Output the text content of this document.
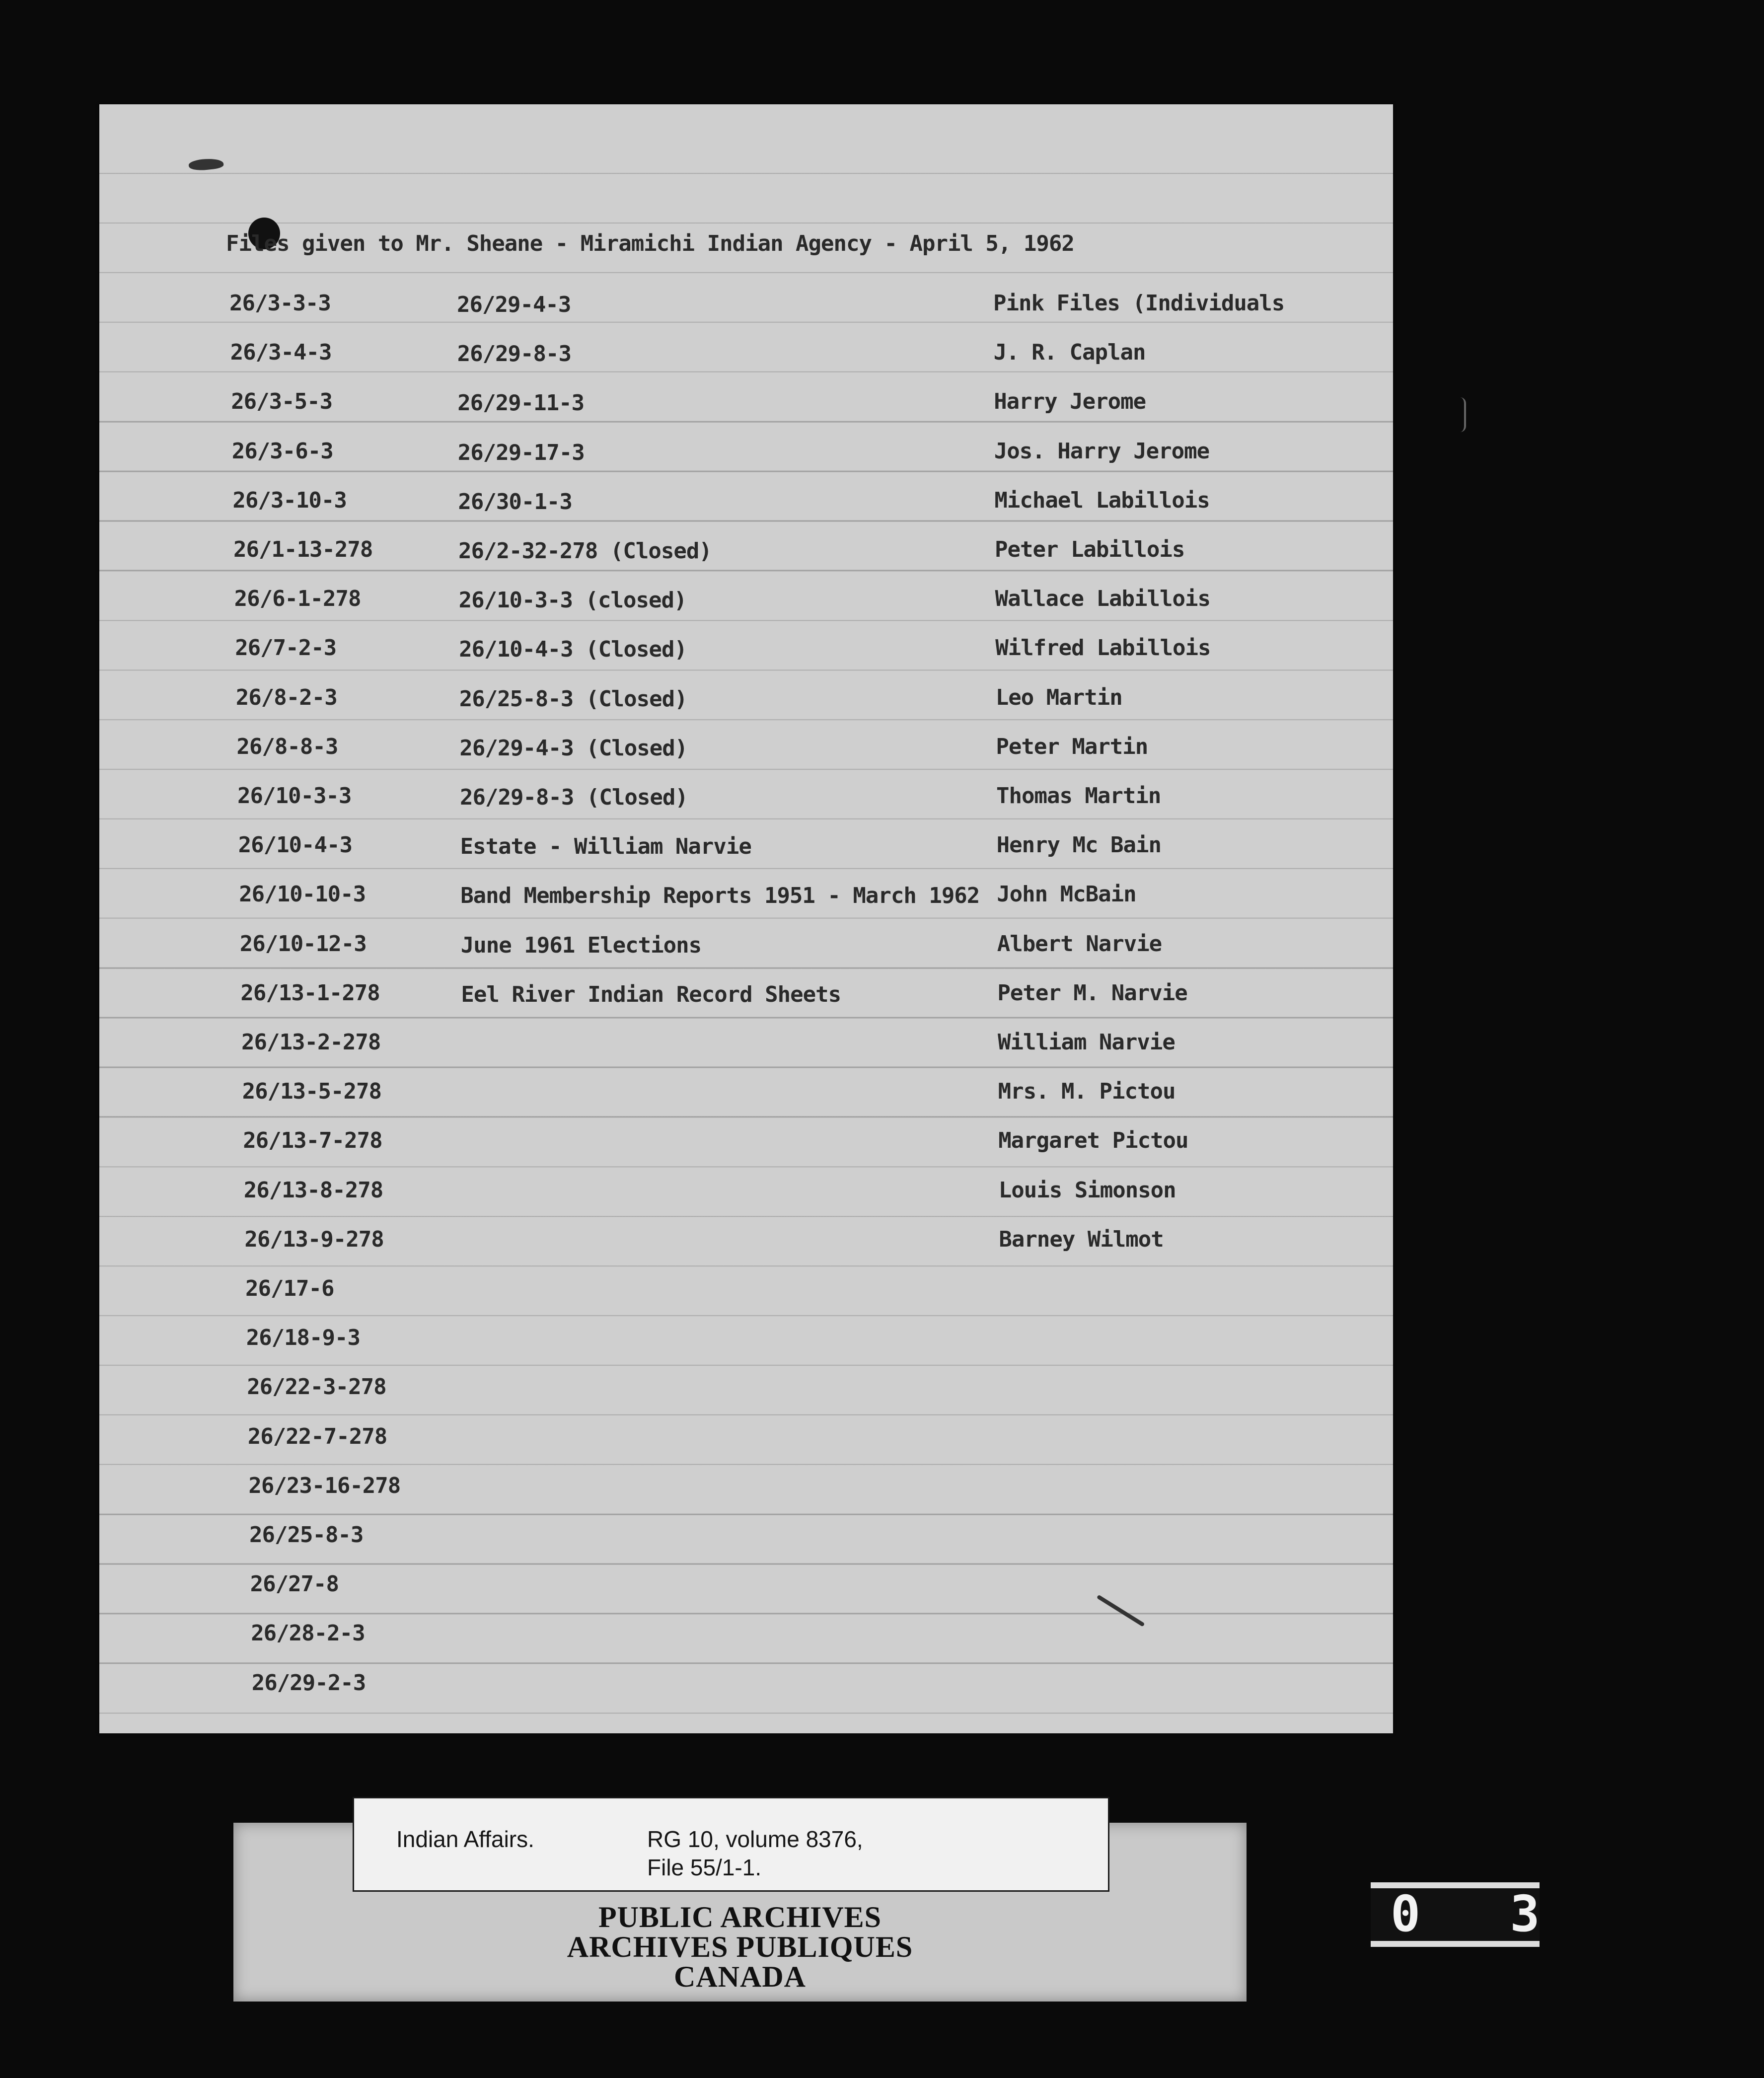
Files given to Mr. Sheane - Miramichi Indian Agency - April 5, 1962
26/3-3-3
26/3-4-3
26/3-5-3
26/3-6-3
26/3-10-3
26/1-13-278
26/6-1-278
26/7-2-3
26/8-2-3
26/8-8-3
26/10-3-3
26/10-4-3
26/10-10-3
26/10-12-3
26/13-1-278
26/13-2-278
26/13-5-278
26/13-7-278
26/13-8-278
26/13-9-278
26/17-6
26/18-9-3
26/22-3-278
26/22-7-278
26/23-16-278
26/25-8-3
26/27-8
26/28-2-3
26/29-2-3
26/29-4-3
26/29-8-3
26/29-11-3
26/29-17-3
26/30-1-3
26/2-32-278 (Closed)
26/10-3-3 (closed)
26/10-4-3 (Closed)
26/25-8-3 (Closed)
26/29-4-3 (Closed)
26/29-8-3 (Closed)
Estate - William Narvie
Band Membership Reports 1951 - March 1962
June 1961 Elections
Eel River Indian Record Sheets
Pink Files (Individuals
J. R. Caplan
Harry Jerome
Jos. Harry Jerome
Michael Labillois
Peter Labillois
Wallace Labillois
Wilfred Labillois
Leo Martin
Peter Martin
Thomas Martin
Henry Mc Bain
John McBain
Albert Narvie
Peter M. Narvie
William Narvie
Mrs. M. Pictou
Margaret Pictou
Louis Simonson
Barney Wilmot
Indian Affairs.	RG 10, volume 8376,
File 55/1-1.
PUBLIC ARCHIVES
ARCHIVES PUBLIQUES
CANADA
0 3
